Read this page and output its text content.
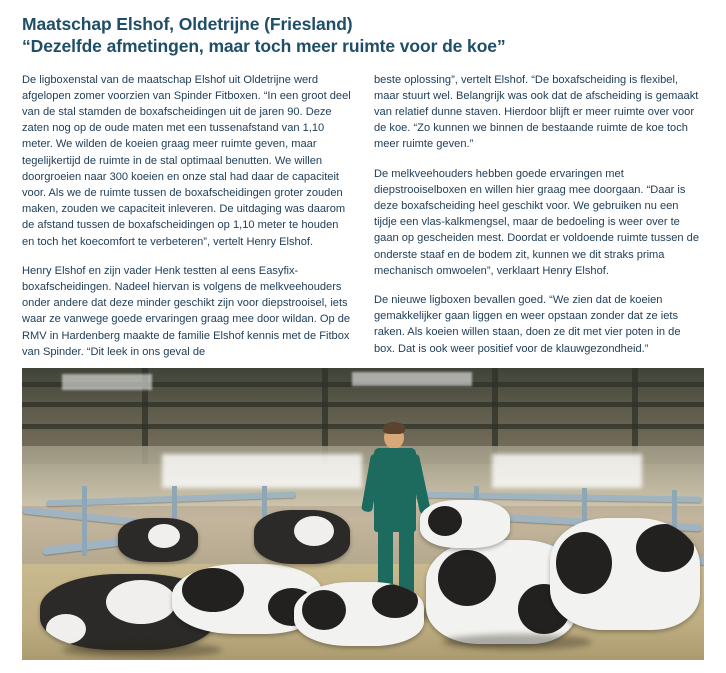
Maatschap Elshof, Oldetrijne (Friesland)
“Dezelfde afmetingen, maar toch meer ruimte voor de koe”

De ligboxenstal van de maatschap Elshof uit Oldetrijne werd afgelopen zomer voorzien van Spinder Fitboxen. “In een groot deel van de stal stamden de boxafscheidingen uit de jaren 90. Deze zaten nog op de oude maten met een tussenafstand van 1,10 meter. We wilden de koeien graag meer ruimte geven, maar tegelijkertijd de ruimte in de stal optimaal benutten. We willen doorgroeien naar 300 koeien en onze stal had daar de capaciteit voor. Als we de ruimte tussen de boxafscheidingen groter zouden maken, zouden we capaciteit inleveren. De uitdaging was daarom de afstand tussen de boxafscheidingen op 1,10 meter te houden en toch het koecomfort te verbeteren”, vertelt Henry Elshof.

Henry Elshof en zijn vader Henk testten al eens Easyfix-boxafscheidingen. Nadeel hiervan is volgens de melkveehouders onder andere dat deze minder geschikt zijn voor diepstrooisel, iets waar ze vanwege goede ervaringen graag mee door wildan. Op de RMV in Hardenberg maakte de familie Elshof kennis met de Fitbox van Spinder. “Dit leek in ons geval de

beste oplossing”, vertelt Elshof. “De boxafscheiding is flexibel, maar stuurt wel. Belangrijk was ook dat de afscheiding is gemaakt van relatief dunne staven. Hierdoor blijft er meer ruimte over voor de koe. “Zo kunnen we binnen de bestaande ruimte de koe toch meer ruimte geven.”

De melkveehouders hebben goede ervaringen met diepstrooiselboxen en willen hier graag mee doorgaan. “Daar is deze boxafscheiding heel geschikt voor. We gebruiken nu een tijdje een vlas-kalkmengsel, maar de bedoeling is weer over te gaan op gescheiden mest. Doordat er voldoende ruimte tussen de onderste staaf en de bodem zit, kunnen we dit straks prima mechanisch omwoelen”, verklaart Henry Elshof.

De nieuwe ligboxen bevallen goed. “We zien dat de koeien gemakkelijker gaan liggen en weer opstaan zonder dat ze iets raken. Als koeien willen staan, doen ze dit met vier poten in de box. Dat is ook weer positief voor de klauwgezondheid.”
